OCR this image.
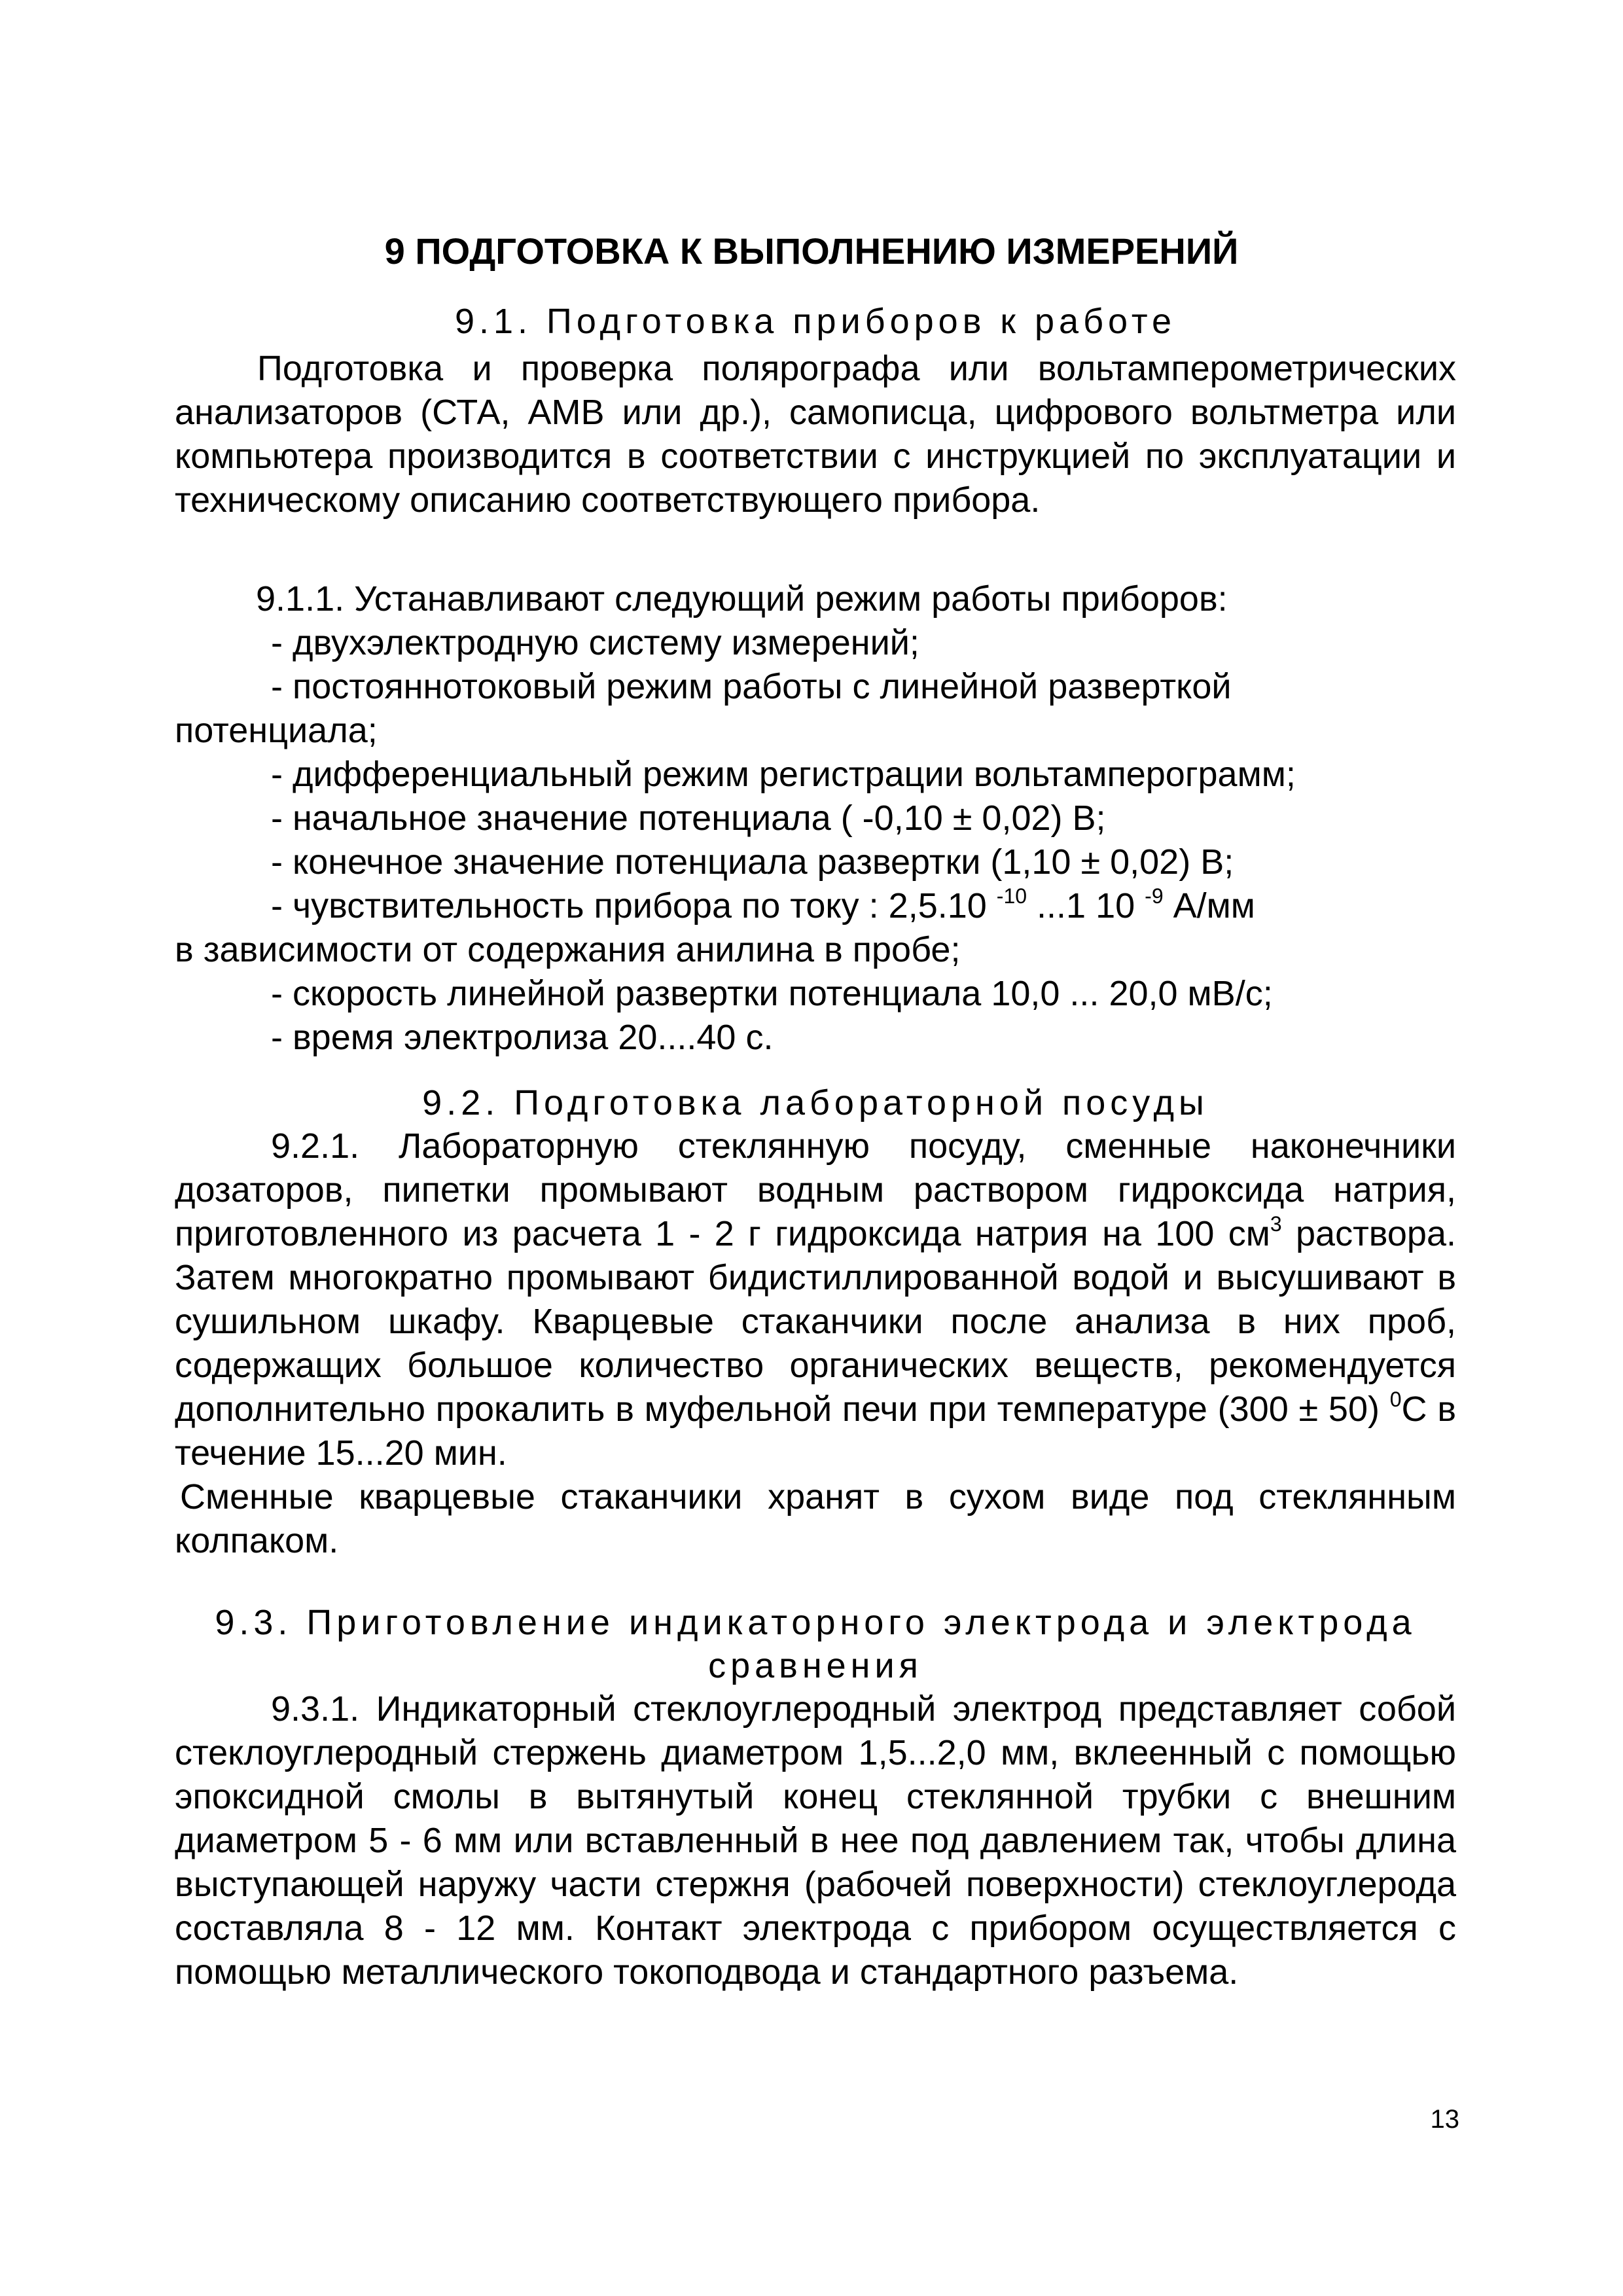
9 ПОДГОТОВКА К ВЫПОЛНЕНИЮ ИЗМЕРЕНИЙ
9.1. Подготовка приборов к работе
Подготовка и проверка полярографа или вольтамперометрических анализаторов (СТА, АМВ или др.), самописца, цифрового вольтметра или компьютера производится в соответствии с инструкцией по эксплуатации и техническому описанию соответствующего прибора.
9.1.1. Устанавливают следующий режим работы приборов:
- двухэлектродную систему измерений;
- постояннотоковый режим работы с линейной разверткой
потенциала;
- дифференциальный режим регистрации вольтамперограмм;
- начальное значение потенциала ( -0,10 ± 0,02) В;
- конечное значение потенциала развертки (1,10 ± 0,02) В;
- чувствительность прибора по току : 2,5.10 $^{-10}$ ...1 10 $^{-9}$ А/мм
в зависимости от содержания анилина в пробе;
- скорость линейной развертки потенциала 10,0 ... 20,0 мВ/с;
- время электролиза 20....40 с.
9.2. Подготовка лабораторной посуды
9.2.1. Лабораторную стеклянную посуду, сменные наконечники дозаторов, пипетки промывают водным раствором гидроксида натрия, приготовленного из расчета 1 - 2 г гидроксида натрия на 100 $см^3$ раствора. Затем многократно промывают бидистиллированной водой и высушивают в сушильном шкафу. Кварцевые стаканчики после анализа в них проб, содержащих большое количество органических веществ, рекомендуется дополнительно прокалить в муфельной печи при температуре (300 ± 50) $^0$С в течение 15...20 мин.
Сменные кварцевые стаканчики хранят в сухом виде под стеклянным колпаком.
9.3. Приготовление индикаторного электрода и электрода сравнения
9.3.1. Индикаторный стеклоуглеродный электрод представляет собой стеклоуглеродный стержень диаметром 1,5...2,0 мм, вклеенный с помощью эпоксидной смолы в вытянутый конец стеклянной трубки с внешним диаметром 5 - 6 мм или вставленный в нее под давлением так, чтобы длина выступающей наружу части стержня (рабочей поверхности) стеклоуглерода составляла 8 - 12 мм. Контакт электрода с прибором осуществляется с помощью металлического токоподвода и стандартного разъема.
13
